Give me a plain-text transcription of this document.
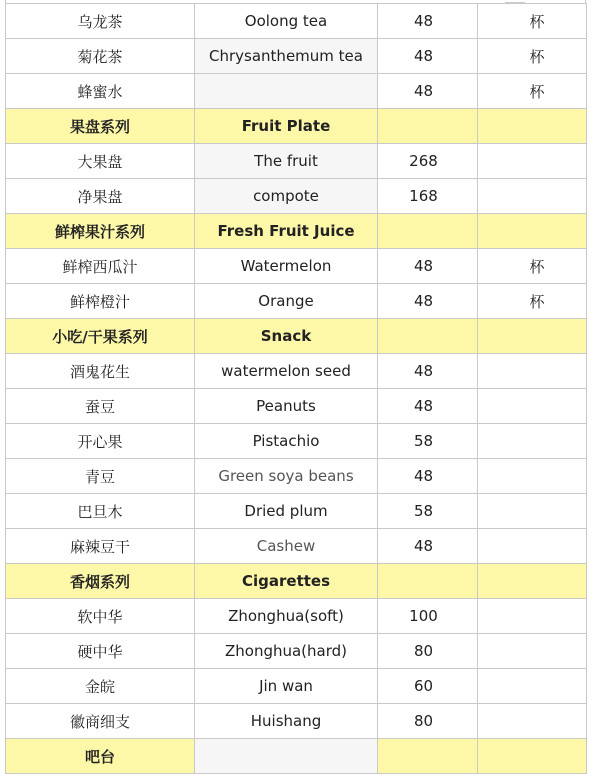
乌龙茶	Oolong tea	48	杯
菊花茶	Chrysanthemum tea	48	杯
蜂蜜水		48	杯
果盘系列	Fruit Plate		
大果盘	The fruit	268	
净果盘	compote	168	
鲜榨果汁系列	Fresh Fruit Juice		
鲜榨西瓜汁	Watermelon	48	杯
鲜榨橙汁	Orange	48	杯
小吃/干果系列	Snack		
酒鬼花生	watermelon seed	48	
蚕豆	Peanuts	48	
开心果	Pistachio	58	
青豆	Green soya beans	48	
巴旦木	Dried plum	58	
麻辣豆干	Cashew	48	
香烟系列	Cigarettes		
软中华	Zhonghua(soft)	100	
硬中华	Zhonghua(hard)	80	
金皖	Jin wan	60	
徽商细支	Huishang	80	
吧台			
